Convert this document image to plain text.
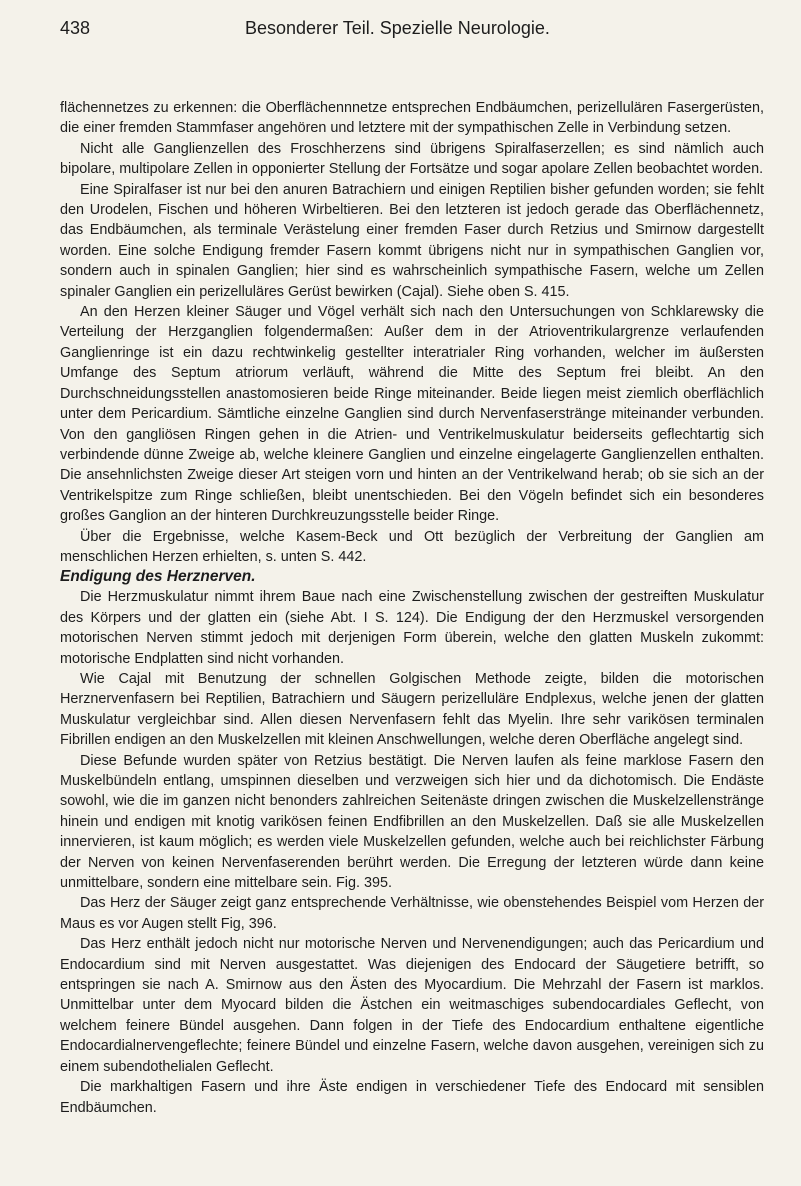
438	Besonderer Teil. Spezielle Neurologie.

flächennetzes zu erkennen: die Oberflächennnetze entsprechen Endbäumchen, perizellulären Fasergerüsten, die einer fremden Stammfaser angehören und letztere mit der sympathischen Zelle in Verbindung setzen.

Nicht alle Ganglienzellen des Froschherzens sind übrigens Spiralfaserzellen; es sind nämlich auch bipolare, multipolare Zellen in opponierter Stellung der Fortsätze und sogar apolare Zellen beobachtet worden.

Eine Spiralfaser ist nur bei den anuren Batrachiern und einigen Reptilien bisher gefunden worden; sie fehlt den Urodelen, Fischen und höheren Wirbeltieren. Bei den letzteren ist jedoch gerade das Oberflächennetz, das Endbäumchen, als terminale Verästelung einer fremden Faser durch Retzius und Smirnow dargestellt worden. Eine solche Endigung fremder Fasern kommt übrigens nicht nur in sympathischen Ganglien vor, sondern auch in spinalen Ganglien; hier sind es wahrscheinlich sympathische Fasern, welche um Zellen spinaler Ganglien ein perizelluläres Gerüst bewirken (Cajal). Siehe oben S. 415.

An den Herzen kleiner Säuger und Vögel verhält sich nach den Untersuchungen von Schklarewsky die Verteilung der Herzganglien folgendermaßen: Außer dem in der Atrioventrikulargrenze verlaufenden Ganglienringe ist ein dazu rechtwinkelig gestellter interatrialer Ring vorhanden, welcher im äußersten Umfange des Septum atriorum verläuft, während die Mitte des Septum frei bleibt. An den Durchschneidungsstellen anastomosieren beide Ringe miteinander. Beide liegen meist ziemlich oberflächlich unter dem Pericardium. Sämtliche einzelne Ganglien sind durch Nervenfaserstränge miteinander verbunden. Von den gangliösen Ringen gehen in die Atrien- und Ventrikelmuskulatur beiderseits geflechtartig sich verbindende dünne Zweige ab, welche kleinere Ganglien und einzelne eingelagerte Ganglienzellen enthalten. Die ansehnlichsten Zweige dieser Art steigen vorn und hinten an der Ventrikelwand herab; ob sie sich an der Ventrikelspitze zum Ringe schließen, bleibt unentschieden. Bei den Vögeln befindet sich ein besonderes großes Ganglion an der hinteren Durchkreuzungsstelle beider Ringe.

Über die Ergebnisse, welche Kasem-Beck und Ott bezüglich der Verbreitung der Ganglien am menschlichen Herzen erhielten, s. unten S. 442.

Endigung des Herznerven.

Die Herzmuskulatur nimmt ihrem Baue nach eine Zwischenstellung zwischen der gestreiften Muskulatur des Körpers und der glatten ein (siehe Abt. I S. 124). Die Endigung der den Herzmuskel versorgenden motorischen Nerven stimmt jedoch mit derjenigen Form überein, welche den glatten Muskeln zukommt: motorische Endplatten sind nicht vorhanden.

Wie Cajal mit Benutzung der schnellen Golgischen Methode zeigte, bilden die motorischen Herznervenfasern bei Reptilien, Batrachiern und Säugern perizelluläre Endplexus, welche jenen der glatten Muskulatur vergleichbar sind. Allen diesen Nervenfasern fehlt das Myelin. Ihre sehr varikösen terminalen Fibrillen endigen an den Muskelzellen mit kleinen Anschwellungen, welche deren Oberfläche angelegt sind.

Diese Befunde wurden später von Retzius bestätigt. Die Nerven laufen als feine marklose Fasern den Muskelbündeln entlang, umspinnen dieselben und verzweigen sich hier und da dichotomisch. Die Endäste sowohl, wie die im ganzen nicht benonders zahlreichen Seitenäste dringen zwischen die Muskelzellenstränge hinein und endigen mit knotig varikösen feinen Endfibrillen an den Muskelzellen. Daß sie alle Muskelzellen innervieren, ist kaum möglich; es werden viele Muskelzellen gefunden, welche auch bei reichlichster Färbung der Nerven von keinen Nervenfaserenden berührt werden. Die Erregung der letzteren würde dann keine unmittelbare, sondern eine mittelbare sein. Fig. 395.

Das Herz der Säuger zeigt ganz entsprechende Verhältnisse, wie obenstehendes Beispiel vom Herzen der Maus es vor Augen stellt Fig, 396.

Das Herz enthält jedoch nicht nur motorische Nerven und Nervenendigungen; auch das Pericardium und Endocardium sind mit Nerven ausgestattet. Was diejenigen des Endocard der Säugetiere betrifft, so entspringen sie nach A. Smirnow aus den Ästen des Myocardium. Die Mehrzahl der Fasern ist marklos. Unmittelbar unter dem Myocard bilden die Ästchen ein weitmaschiges subendocardiales Geflecht, von welchem feinere Bündel ausgehen. Dann folgen in der Tiefe des Endocardium enthaltene eigentliche Endocardialnervengeflechte; feinere Bündel und einzelne Fasern, welche davon ausgehen, vereinigen sich zu einem subendothelialen Geflecht.

Die markhaltigen Fasern und ihre Äste endigen in verschiedener Tiefe des Endocard mit sensiblen Endbäumchen.
